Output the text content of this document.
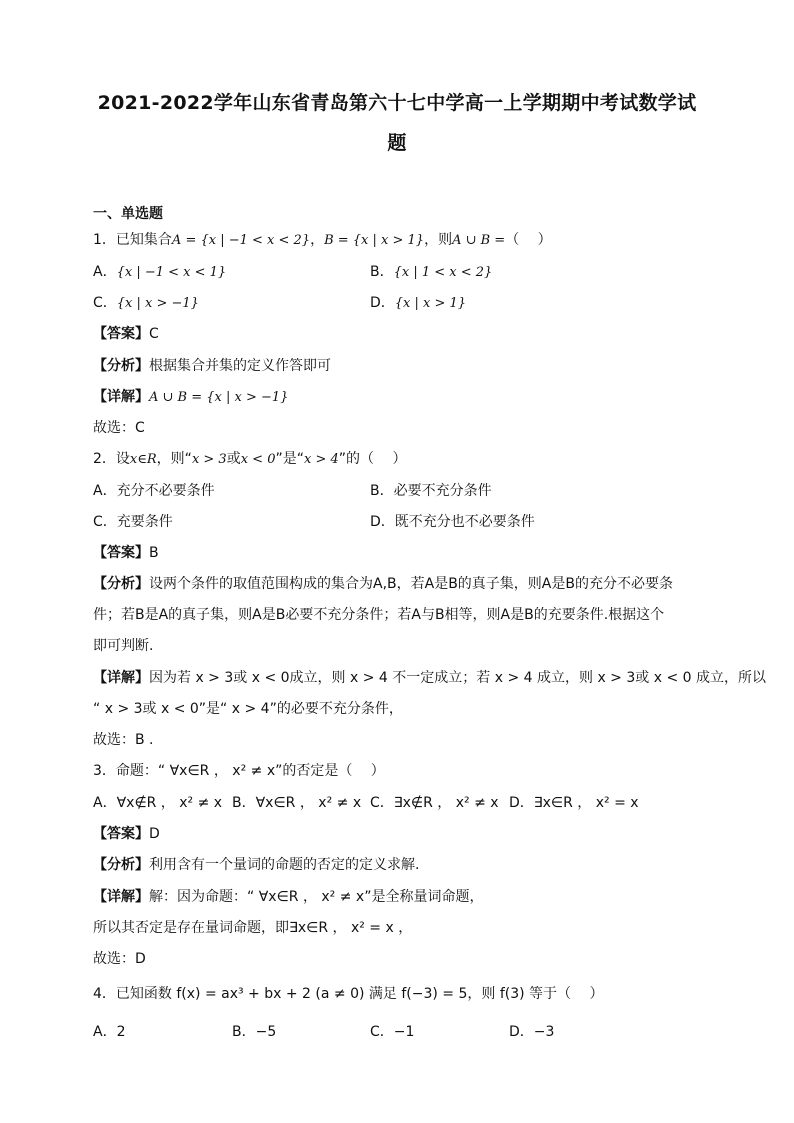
2021-2022学年山东省青岛第六十七中学高一上学期期中考试数学试
题
一、单选题
1．已知集合A = {x | −1 < x < 2}，B = {x | x > 1}，则A ∪ B =（　 ）
A．{x | −1 < x < 1}	B．{x | 1 < x < 2}
C．{x | x > −1}	D．{x | x > 1}
【答案】C
【分析】根据集合并集的定义作答即可
【详解】A ∪ B = {x | x > −1}
故选：C
2．设x∈R，则“x > 3或x < 0”是“x > 4”的（　 ）
A．充分不必要条件	B．必要不充分条件
C．充要条件	D．既不充分也不必要条件
【答案】B
【分析】设两个条件的取值范围构成的集合为A,B，若A是B的真子集，则A是B的充分不必要条
件；若B是A的真子集，则A是B必要不充分条件；若A与B相等，则A是B的充要条件.根据这个
即可判断.
【详解】因为若 x > 3或 x < 0成立，则 x > 4 不一定成立；若 x > 4 成立，则 x > 3或 x < 0 成立，所以
“ x > 3或 x < 0”是“ x > 4”的必要不充分条件，
故选：B .
3．命题：“ ∀x∈R ， x² ≠ x”的否定是（　 ）
A．∀x∉R ， x² ≠ x B．∀x∈R ， x² ≠ x C．∃x∉R ， x² ≠ x D．∃x∈R ， x² = x
【答案】D
【分析】利用含有一个量词的命题的否定的定义求解.
【详解】解：因为命题：“ ∀x∈R ， x² ≠ x”是全称量词命题，
所以其否定是存在量词命题，即∃x∈R ， x² = x ，
故选：D
4．已知函数 f(x) = ax³ + bx + 2 (a ≠ 0) 满足 f(−3) = 5，则 f(3) 等于（　 ）
A．2	B．−5	C．−1	D．−3
